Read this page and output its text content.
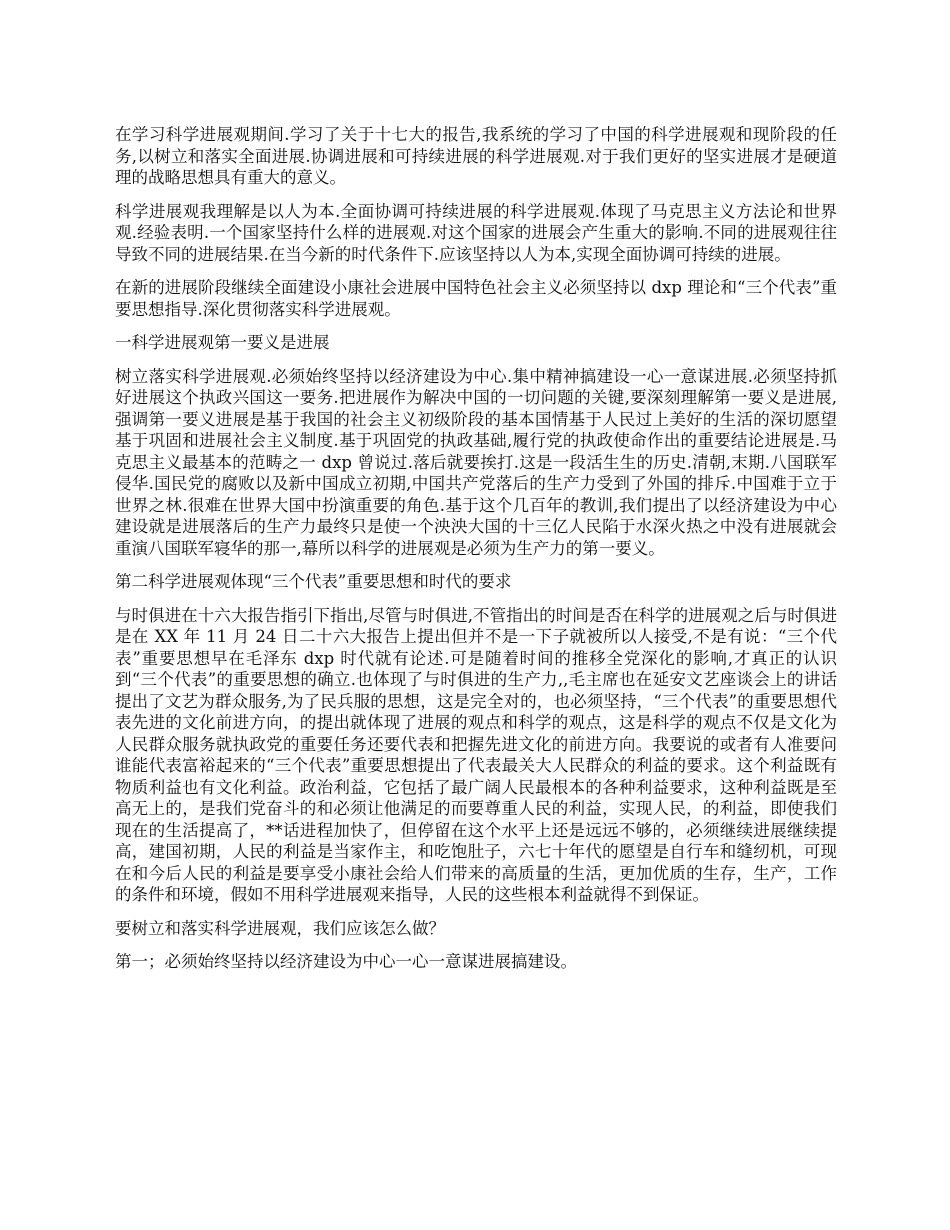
在学习科学进展观期间.学习了关于十七大的报告,我系统的学习了中国的科学进展观和现阶段的任务,以树立和落实全面进展.协调进展和可持续进展的科学进展观.对于我们更好的坚实进展才是硬道理的战略思想具有重大的意义。

科学进展观我理解是以人为本.全面协调可持续进展的科学进展观.体现了马克思主义方法论和世界观.经验表明.一个国家坚持什么样的进展观.对这个国家的进展会产生重大的影响.不同的进展观往往导致不同的进展结果.在当今新的时代条件下.应该坚持以人为本,实现全面协调可持续的进展。

在新的进展阶段继续全面建设小康社会进展中国特色社会主义必须坚持以 dxp 理论和“三个代表”重要思想指导.深化贯彻落实科学进展观。

一科学进展观第一要义是进展

树立落实科学进展观.必须始终坚持以经济建设为中心.集中精神搞建设一心一意谋进展.必须坚持抓好进展这个执政兴国这一要务.把进展作为解决中国的一切问题的关键,要深刻理解第一要义是进展,强调第一要义进展是基于我国的社会主义初级阶段的基本国情基于人民过上美好的生活的深切愿望基于巩固和进展社会主义制度.基于巩固党的执政基础,履行党的执政使命作出的重要结论进展是.马克思主义最基本的范畴之一 dxp 曾说过.落后就要挨打.这是一段活生生的历史.清朝,末期.八国联军侵华.国民党的腐败以及新中国成立初期,中国共产党落后的生产力受到了外国的排斥.中国难于立于世界之林.很难在世界大国中扮演重要的角色.基于这个几百年的教训,我们提出了以经济建设为中心建设就是进展落后的生产力最终只是使一个泱泱大国的十三亿人民陷于水深火热之中没有进展就会重演八国联军寝华的那一,幕所以科学的进展观是必须为生产力的第一要义。

第二科学进展观体现“三个代表”重要思想和时代的要求

与时俱进在十六大报告指引下指出,尽管与时俱进,不管指出的时间是否在科学的进展观之后与时俱进是在 XX 年 11 月 24 日二十六大报告上提出但并不是一下子就被所以人接受,不是有说：“三个代表”重要思想早在毛泽东 dxp 时代就有论述.可是随着时间的推移全党深化的影响,才真正的认识到“三个代表”的重要思想的确立.也体现了与时俱进的生产力,,毛主席也在延安文艺座谈会上的讲话提出了文艺为群众服务,为了民兵服的思想，这是完全对的，也必须坚持，“三个代表”的重要思想代表先进的文化前进方向，的提出就体现了进展的观点和科学的观点，这是科学的观点不仅是文化为人民群众服务就执政党的重要任务还要代表和把握先进文化的前进方向。我要说的或者有人准要问谁能代表富裕起来的“三个代表”重要思想提出了代表最关大人民群众的利益的要求。这个利益既有物质利益也有文化利益。政治利益，它包括了最广阔人民最根本的各种利益要求，这种利益既是至高无上的，是我们党奋斗的和必须让他满足的而要尊重人民的利益，实现人民，的利益，即使我们现在的生活提高了，**话进程加快了，但停留在这个水平上还是远远不够的，必须继续进展继续提高，建国初期，人民的利益是当家作主，和吃饱肚子，六七十年代的愿望是自行车和缝纫机，可现在和今后人民的利益是要享受小康社会给人们带来的高质量的生活，更加优质的生存，生产，工作的条件和环境，假如不用科学进展观来指导，人民的这些根本利益就得不到保证。

要树立和落实科学进展观，我们应该怎么做？

第一；必须始终坚持以经济建设为中心一心一意谋进展搞建设。
